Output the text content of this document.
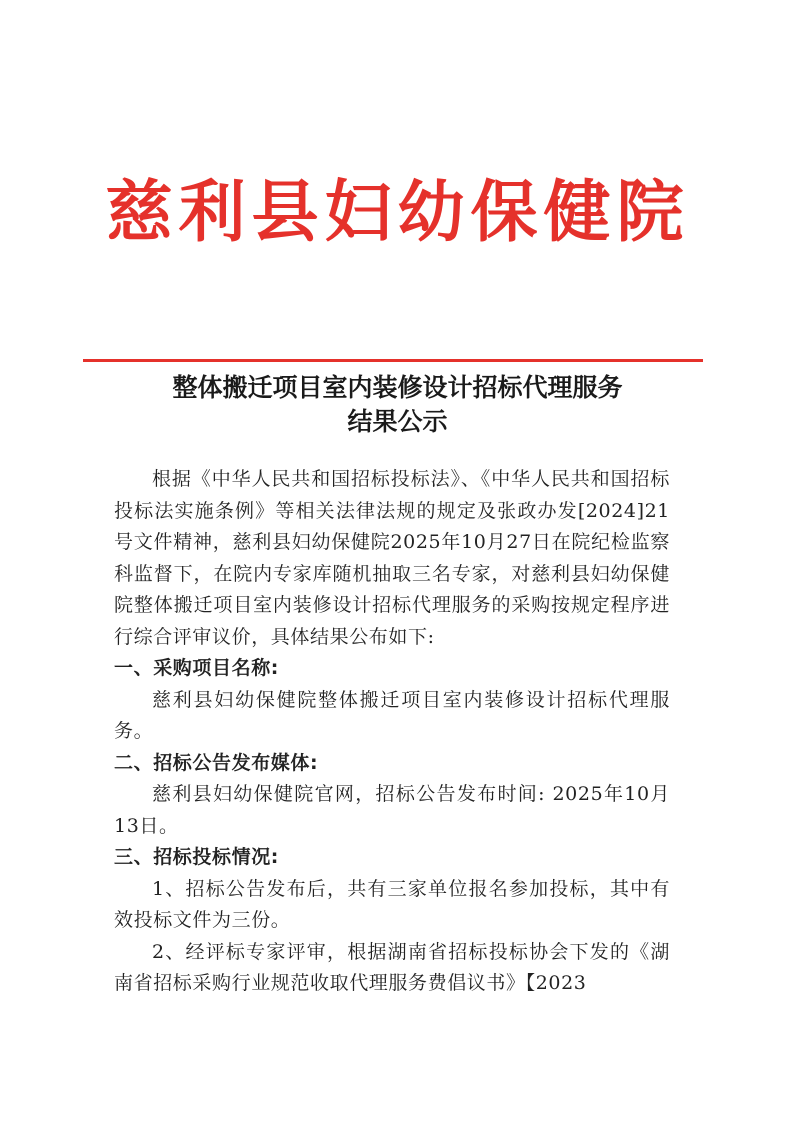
慈利县妇幼保健院
整体搬迁项目室内装修设计招标代理服务
结果公示

根据《中华人民共和国招标投标法》、《中华人民共和国招标投标法实施条例》等相关法律法规的规定及张政办发[2024]21号文件精神，慈利县妇幼保健院2025年10月27日在院纪检监察科监督下，在院内专家库随机抽取三名专家，对慈利县妇幼保健院整体搬迁项目室内装修设计招标代理服务的采购按规定程序进行综合评审议价，具体结果公布如下:

一、采购项目名称:

慈利县妇幼保健院整体搬迁项目室内装修设计招标代理服务。

二、招标公告发布媒体:

慈利县妇幼保健院官网，招标公告发布时间: 2025年10月13日。

三、招标投标情况:

1、招标公告发布后，共有三家单位报名参加投标，其中有效投标文件为三份。

2、经评标专家评审，根据湖南省招标投标协会下发的《湖南省招标采购行业规范收取代理服务费倡议书》【2023
